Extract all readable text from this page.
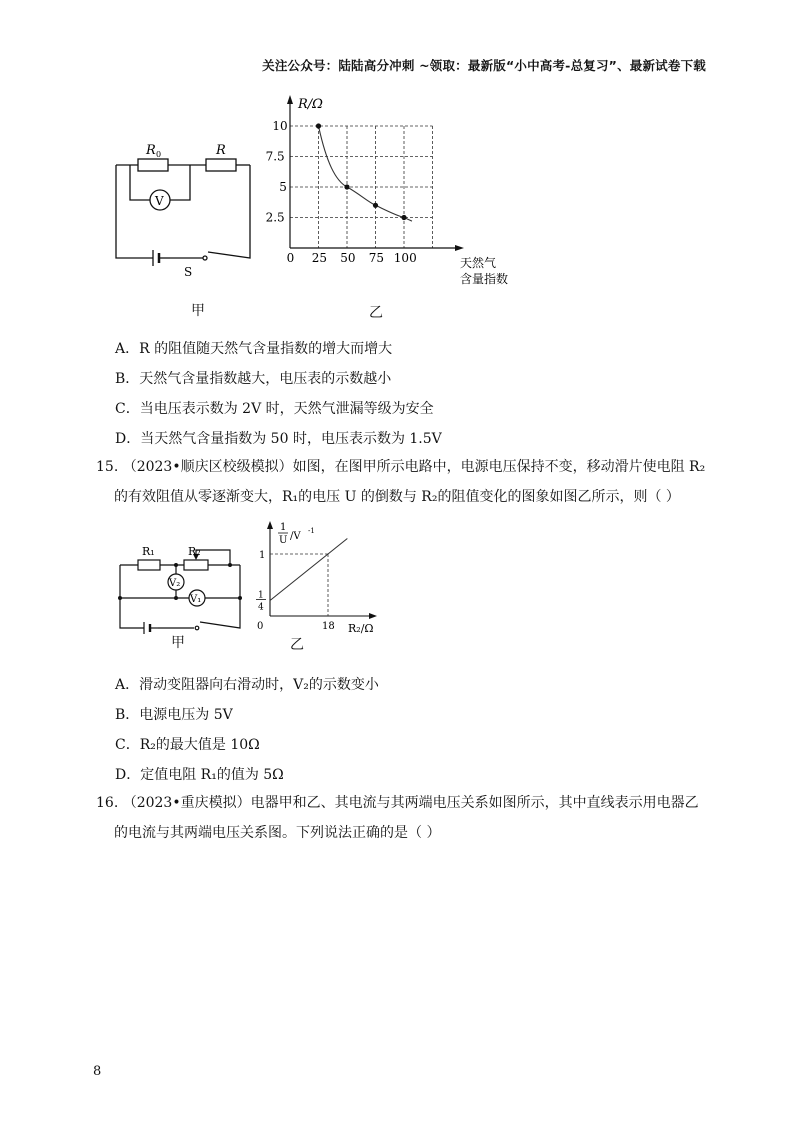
关注公众号：陆陆高分冲刺 ~领取：最新版“小中高考-总复习”、最新试卷下载
R 0	R
V
S
甲
0 25 50 75 100
2.5
5
7.5
10
R/Ω
天然气
含量指数
乙
A．R 的阻值随天然气含量指数的增大而增大
B．天然气含量指数越大，电压表的示数越小
C．当电压表示数为 2V 时，天然气泄漏等级为安全
D．当天然气含量指数为 50 时，电压表示数为 1.5V
15. （2023•顺庆区校级模拟）如图，在图甲所示电路中，电源电压保持不变，移动滑片使电阻 R₂
的有效阻值从零逐渐变大，R₁的电压 U 的倒数与 R₂的阻值变化的图象如图乙所示，则（ ）
R₁	R₂
V₂
V₁
甲
1
U /V -1
0	18
1
1
4
R₂/Ω
乙
A．滑动变阻器向右滑动时，V₂的示数变小
B．电源电压为 5V
C．R₂的最大值是 10Ω
D．定值电阻 R₁的值为 5Ω
16. （2023•重庆模拟）电器甲和乙、其电流与其两端电压关系如图所示，其中直线表示用电器乙
的电流与其两端电压关系图。下列说法正确的是（ ）
8
